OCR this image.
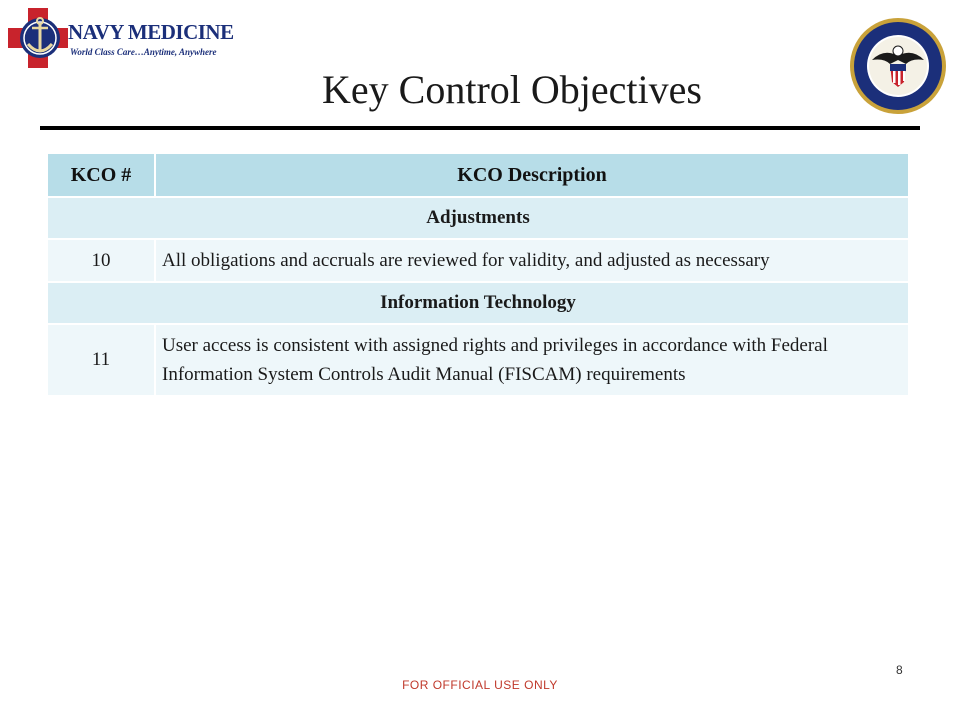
NAVY MEDICINE
World Class Care…Anytime, Anywhere
Key Control Objectives
KCO #	KCO Description
Adjustments	
10	All obligations and accruals are reviewed for validity, and adjusted as necessary
Information Technology	
11	User access is consistent with assigned rights and privileges in accordance with Federal Information System Controls Audit Manual (FISCAM) requirements
FOR OFFICIAL USE ONLY
8
